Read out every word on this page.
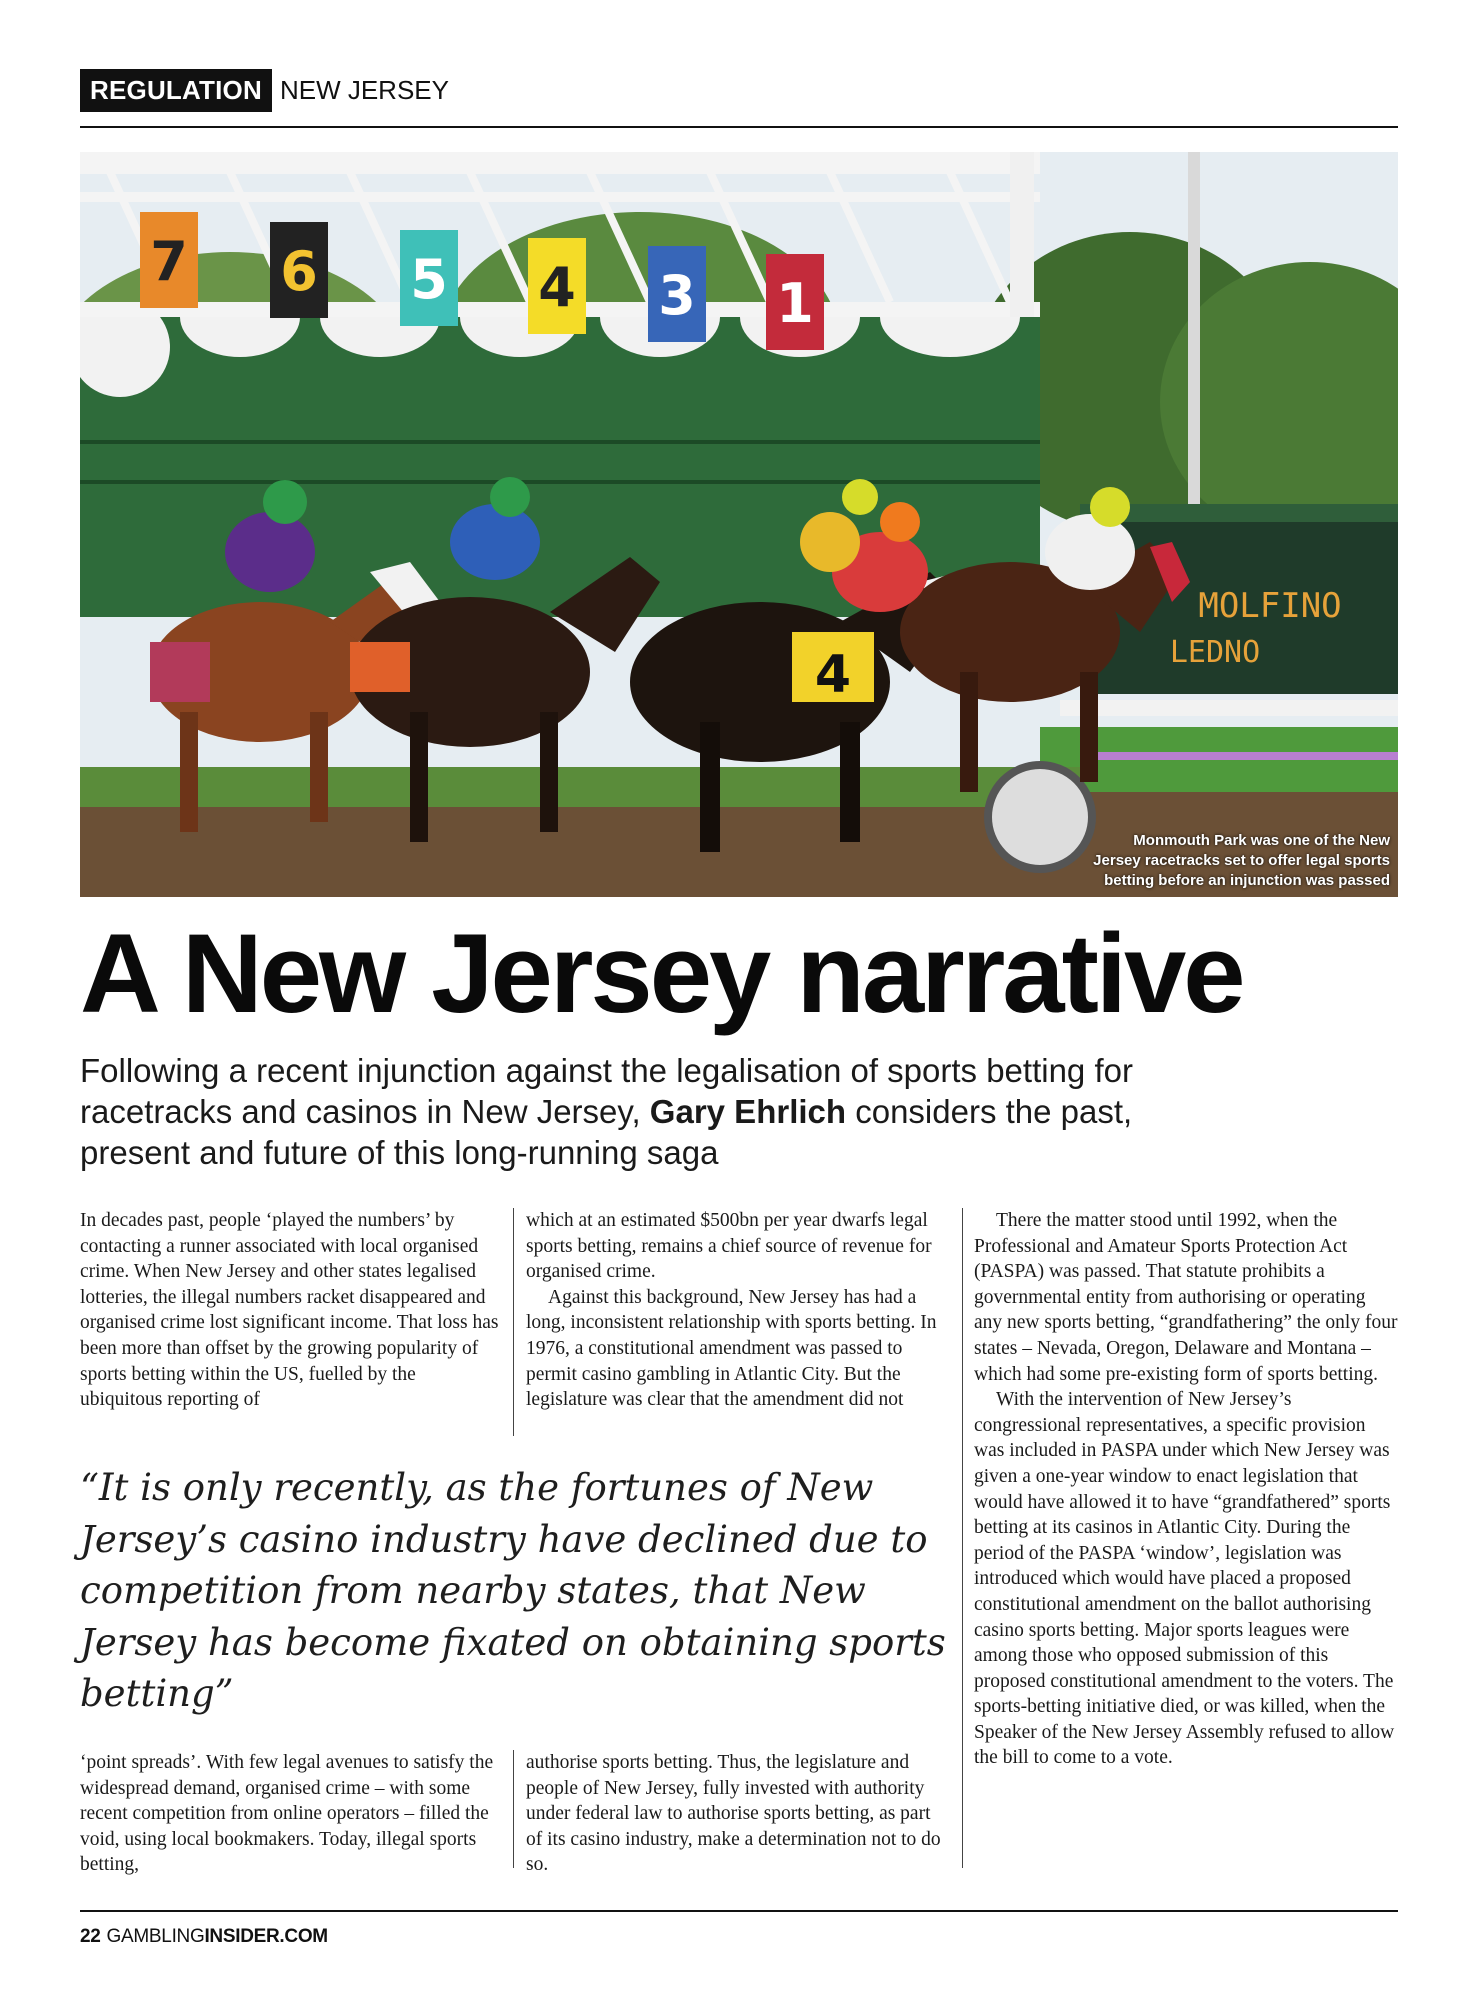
REGULATION NEW JERSEY
7 6 5 4 3 1
MOLFINO
LEDNO
4
Monmouth Park was one of the New Jersey racetracks set to offer legal sports betting before an injunction was passed
A New Jersey narrative
Following a recent injunction against the legalisation of sports betting for racetracks and casinos in New Jersey, Gary Ehrlich considers the past, present and future of this long-running saga

In decades past, people ‘played the numbers’ by contacting a runner associated with local organised crime. When New Jersey and other states legalised lotteries, the illegal numbers racket disappeared and organised crime lost significant income. That loss has been more than offset by the growing popularity of sports betting within the US, fuelled by the ubiquitous reporting of

which at an estimated $500bn per year dwarfs legal sports betting, remains a chief source of revenue for organised crime.

Against this background, New Jersey has had a long, inconsistent relationship with sports betting. In 1976, a constitutional amendment was passed to permit casino gambling in Atlantic City. But the legislature was clear that the amendment did not

“It is only recently, as the fortunes of New Jersey’s casino industry have declined due to competition from nearby states, that New Jersey has become fixated on obtaining sports betting”

‘point spreads’. With few legal avenues to satisfy the widespread demand, organised crime – with some recent competition from online operators – filled the void, using local bookmakers. Today, illegal sports betting,

authorise sports betting. Thus, the legislature and people of New Jersey, fully invested with authority under federal law to authorise sports betting, as part of its casino industry, make a determination not to do so.

There the matter stood until 1992, when the Professional and Amateur Sports Protection Act (PASPA) was passed. That statute prohibits a governmental entity from authorising or operating any new sports betting, “grandfathering” the only four states – Nevada, Oregon, Delaware and Montana – which had some pre-existing form of sports betting.

With the intervention of New Jersey’s congressional representatives, a specific provision was included in PASPA under which New Jersey was given a one-year window to enact legislation that would have allowed it to have “grandfathered” sports betting at its casinos in Atlantic City. During the period of the PASPA ‘window’, legislation was introduced which would have placed a proposed constitutional amendment on the ballot authorising casino sports betting. Major sports leagues were among those who opposed submission of this proposed constitutional amendment to the voters. The sports-betting initiative died, or was killed, when the Speaker of the New Jersey Assembly refused to allow the bill to come to a vote.

22 GAMBLINGINSIDER.COM
